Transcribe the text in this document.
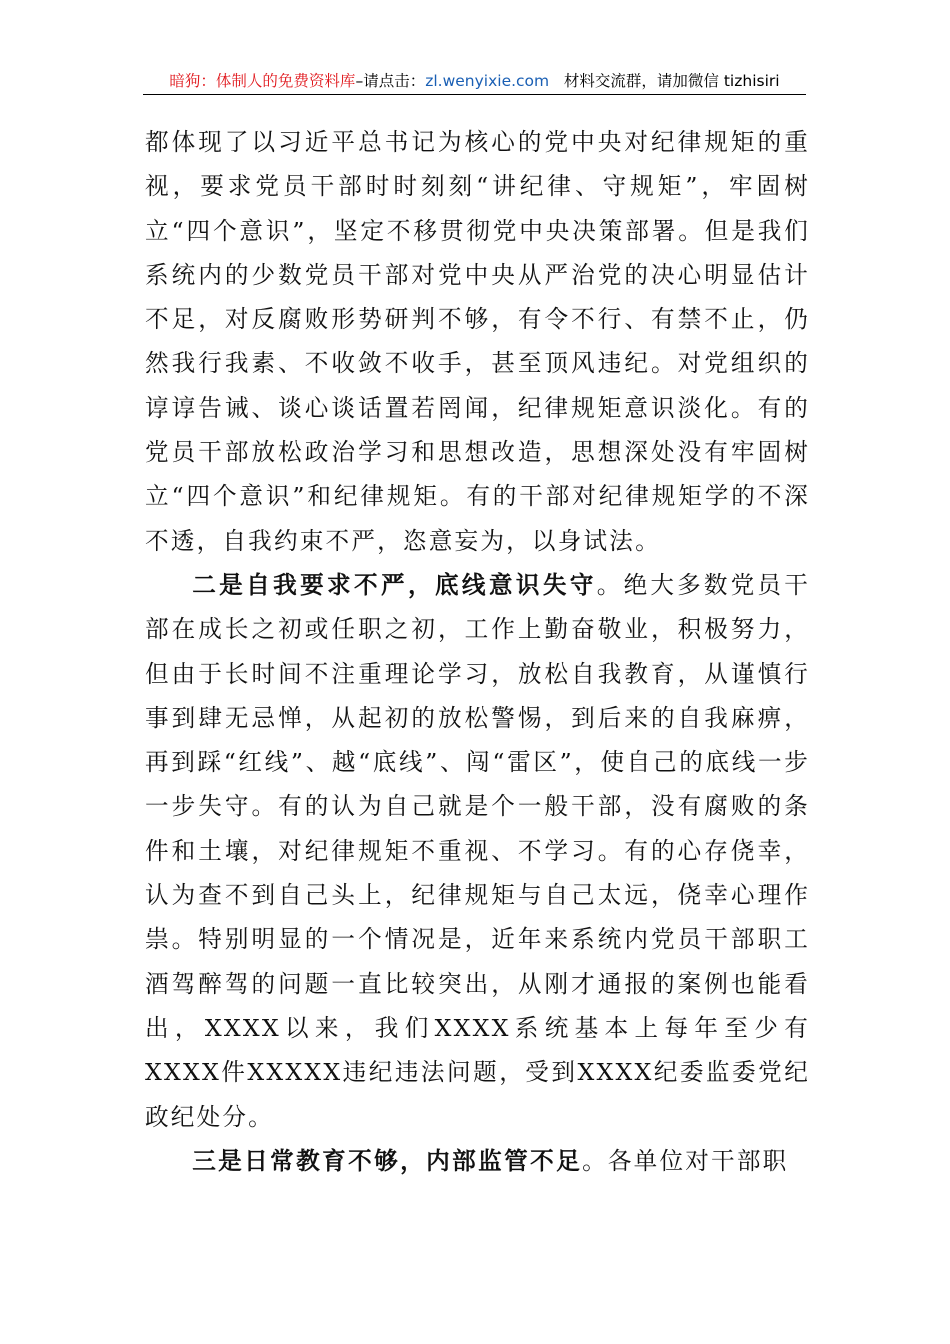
暗狗：体制人的免费资料库–请点击：zl.wenyixie.com 材料交流群，请加微信 tizhisiri

都体现了以习近平总书记为核心的党中央对纪律规矩的重视，要求党员干部时时刻刻“讲纪律、守规矩”，牢固树立“四个意识”，坚定不移贯彻党中央决策部署。但是我们系统内的少数党员干部对党中央从严治党的决心明显估计不足，对反腐败形势研判不够，有令不行、有禁不止，仍然我行我素、不收敛不收手，甚至顶风违纪。对党组织的谆谆告诫、谈心谈话置若罔闻，纪律规矩意识淡化。有的党员干部放松政治学习和思想改造，思想深处没有牢固树立“四个意识”和纪律规矩。有的干部对纪律规矩学的不深不透，自我约束不严，恣意妄为，以身试法。

二是自我要求不严，底线意识失守。绝大多数党员干部在成长之初或任职之初，工作上勤奋敬业，积极努力，但由于长时间不注重理论学习，放松自我教育，从谨慎行事到肆无忌惮，从起初的放松警惕，到后来的自我麻痹，再到踩“红线”、越“底线”、闯“雷区”，使自己的底线一步一步失守。有的认为自己就是个一般干部，没有腐败的条件和土壤，对纪律规矩不重视、不学习。有的心存侥幸，认为查不到自己头上，纪律规矩与自己太远，侥幸心理作祟。特别明显的一个情况是，近年来系统内党员干部职工酒驾醉驾的问题一直比较突出，从刚才通报的案例也能看出，XXXX以来，我们XXXX系统基本上每年至少有XXXX件XXXXX违纪违法问题，受到XXXX纪委监委党纪政纪处分。

三是日常教育不够，内部监管不足。各单位对干部职
